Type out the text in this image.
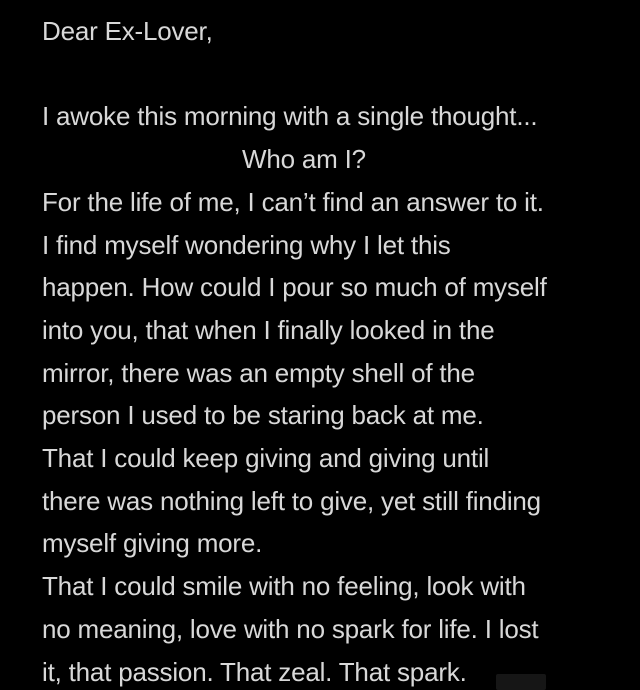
Dear Ex-Lover,

I awoke this morning with a single thought...
Who am I?
For the life of me, I can’t find an answer to it.
I find myself wondering why I let this
happen. How could I pour so much of myself
into you, that when I finally looked in the
mirror, there was an empty shell of the
person I used to be staring back at me.
That I could keep giving and giving until
there was nothing left to give, yet still finding
myself giving more.
That I could smile with no feeling, look with
no meaning, love with no spark for life. I lost
it, that passion. That zeal. That spark.
